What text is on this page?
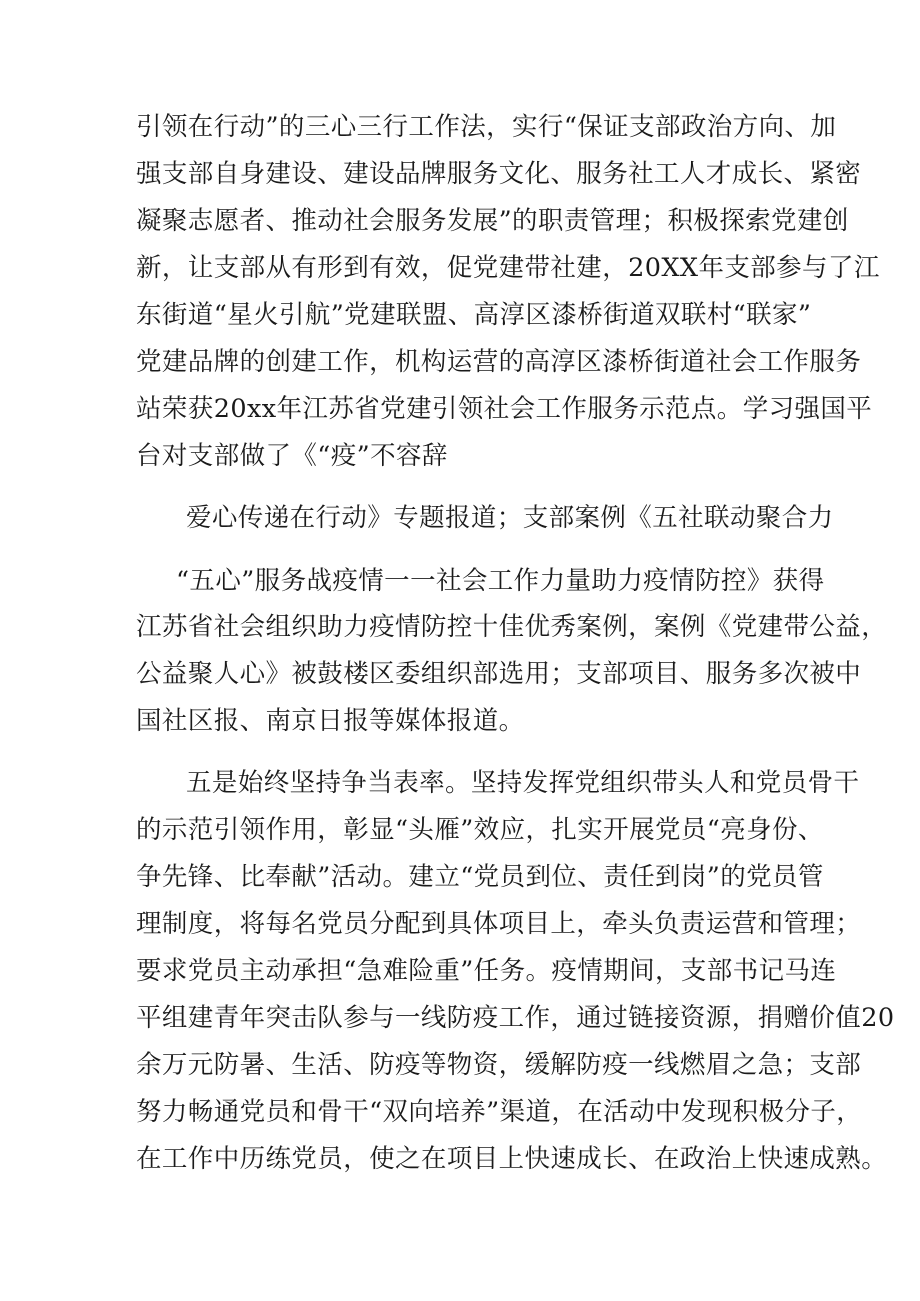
引领在行动”的三心三行工作法，实行“保证支部政治方向、加
强支部自身建设、建设品牌服务文化、服务社工人才成长、紧密
凝聚志愿者、推动社会服务发展”的职责管理；积极探索党建创
新，让支部从有形到有效，促党建带社建，20XX年支部参与了江
东街道“星火引航”党建联盟、高淳区漆桥街道双联村“联家”
党建品牌的创建工作，机构运营的高淳区漆桥街道社会工作服务
站荣获20xx年江苏省党建引领社会工作服务示范点。学习强国平
台对支部做了《“疫”不容辞
爱心传递在行动》专题报道；支部案例《五社联动聚合力
“五心”服务战疫情一一社会工作力量助力疫情防控》获得
江苏省社会组织助力疫情防控十佳优秀案例，案例《党建带公益，
公益聚人心》被鼓楼区委组织部选用；支部项目、服务多次被中
国社区报、南京日报等媒体报道。
五是始终坚持争当表率。坚持发挥党组织带头人和党员骨干
的示范引领作用，彰显“头雁”效应，扎实开展党员“亮身份、
争先锋、比奉献”活动。建立“党员到位、责任到岗”的党员管
理制度，将每名党员分配到具体项目上，牵头负责运营和管理；
要求党员主动承担“急难险重”任务。疫情期间，支部书记马连
平组建青年突击队参与一线防疫工作，通过链接资源，捐赠价值20
余万元防暑、生活、防疫等物资，缓解防疫一线燃眉之急；支部
努力畅通党员和骨干“双向培养”渠道，在活动中发现积极分子，
在工作中历练党员，使之在项目上快速成长、在政治上快速成熟。
